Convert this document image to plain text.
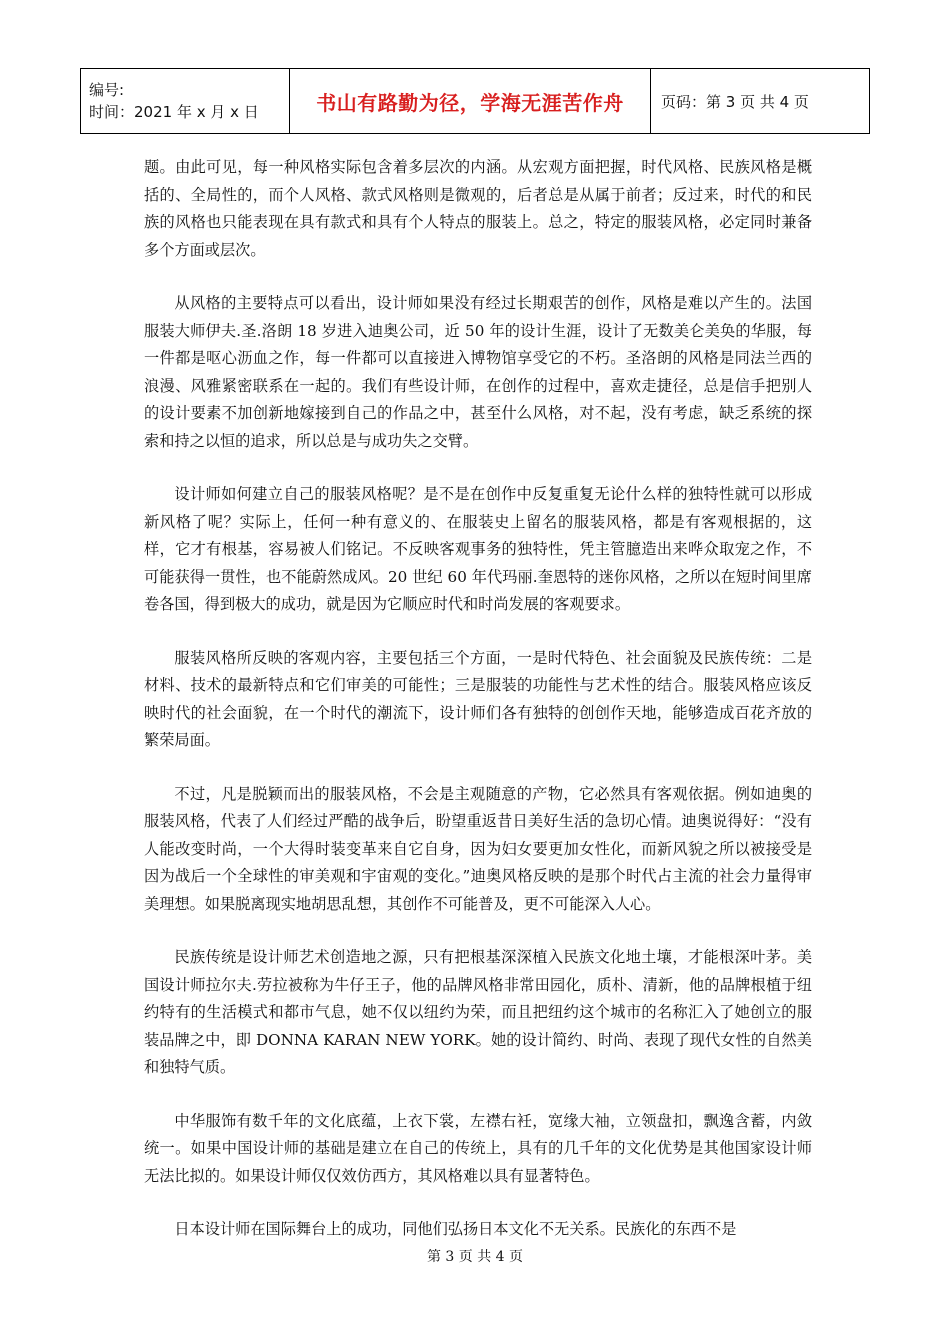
编号:
时间：2021 年 x 月 x 日	书山有路勤为径，学海无涯苦作舟	页码：第 3 页 共 4 页

题。由此可见，每一种风格实际包含着多层次的内涵。从宏观方面把握，时代风格、民族风格是概括的、全局性的，而个人风格、款式风格则是微观的，后者总是从属于前者；反过来，时代的和民族的风格也只能表现在具有款式和具有个人特点的服装上。总之，特定的服装风格，必定同时兼备多个方面或层次。

从风格的主要特点可以看出，设计师如果没有经过长期艰苦的创作，风格是难以产生的。法国服装大师伊夫.圣.洛朗 18 岁进入迪奥公司，近 50 年的设计生涯，设计了无数美仑美奂的华服，每一件都是呕心沥血之作，每一件都可以直接进入博物馆享受它的不朽。圣洛朗的风格是同法兰西的浪漫、风雅紧密联系在一起的。我们有些设计师，在创作的过程中，喜欢走捷径，总是信手把别人的设计要素不加创新地嫁接到自己的作品之中，甚至什么风格，对不起，没有考虑，缺乏系统的探索和持之以恒的追求，所以总是与成功失之交臂。

设计师如何建立自己的服装风格呢？是不是在创作中反复重复无论什么样的独特性就可以形成新风格了呢？实际上，任何一种有意义的、在服装史上留名的服装风格，都是有客观根据的，这样，它才有根基，容易被人们铭记。不反映客观事务的独特性，凭主管臆造出来哗众取宠之作，不可能获得一贯性，也不能蔚然成风。20 世纪 60 年代玛丽.奎恩特的迷你风格，之所以在短时间里席卷各国，得到极大的成功，就是因为它顺应时代和时尚发展的客观要求。

服装风格所反映的客观内容，主要包括三个方面，一是时代特色、社会面貌及民族传统：二是材料、技术的最新特点和它们审美的可能性；三是服装的功能性与艺术性的结合。服装风格应该反映时代的社会面貌，在一个时代的潮流下，设计师们各有独特的创创作天地，能够造成百花齐放的繁荣局面。

不过，凡是脱颖而出的服装风格，不会是主观随意的产物，它必然具有客观依据。例如迪奥的服装风格，代表了人们经过严酷的战争后，盼望重返昔日美好生活的急切心情。迪奥说得好：“没有人能改变时尚，一个大得时装变革来自它自身，因为妇女要更加女性化，而新风貌之所以被接受是因为战后一个全球性的审美观和宇宙观的变化。”迪奥风格反映的是那个时代占主流的社会力量得审美理想。如果脱离现实地胡思乱想，其创作不可能普及，更不可能深入人心。

民族传统是设计师艺术创造地之源，只有把根基深深植入民族文化地土壤，才能根深叶茅。美国设计师拉尔夫.劳拉被称为牛仔王子，他的品牌风格非常田园化，质朴、清新，他的品牌根植于纽约特有的生活模式和都市气息，她不仅以纽约为荣，而且把纽约这个城市的名称汇入了她创立的服装品牌之中，即 DONNA KARAN NEW YORK。她的设计简约、时尚、表现了现代女性的自然美和独特气质。

中华服饰有数千年的文化底蕴，上衣下裳，左襟右衽，宽缘大袖，立领盘扣，飘逸含蓄，内敛统一。如果中国设计师的基础是建立在自己的传统上，具有的几千年的文化优势是其他国家设计师无法比拟的。如果设计师仅仅效仿西方，其风格难以具有显著特色。

日本设计师在国际舞台上的成功，同他们弘扬日本文化不无关系。民族化的东西不是

第 3 页 共 4 页
